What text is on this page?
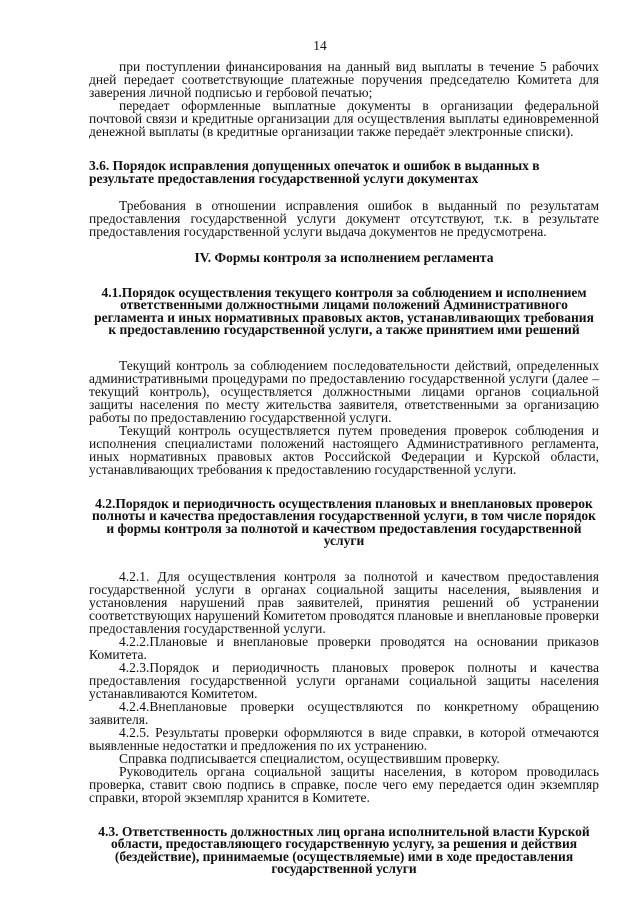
14

при поступлении финансирования на данный вид выплаты в течение 5 рабочих дней передает соответствующие платежные поручения председателю Комитета для заверения личной подписью и гербовой печатью;

передает оформленные выплатные документы в организации федеральной почтовой связи и кредитные организации для осуществления выплаты единовременной денежной выплаты (в кредитные организации также передаёт электронные списки).

3.6. Порядок исправления допущенных опечаток и ошибок в выданных в результате предоставления государственной услуги документах

Требования в отношении исправления ошибок в выданный по результатам предоставления государственной услуги документ отсутствуют, т.к. в результате предоставления государственной услуги выдача документов не предусмотрена.

IV. Формы контроля за исполнением регламента

4.1.Порядок осуществления текущего контроля за соблюдением и исполнением ответственными должностными лицами положений Административного регламента и иных нормативных правовых актов, устанавливающих требования к предоставлению государственной услуги, а также принятием ими решений

Текущий контроль за соблюдением последовательности действий, определенных административными процедурами по предоставлению государственной услуги (далее – текущий контроль), осуществляется должностными лицами органов социальной защиты населения по месту жительства заявителя, ответственными за организацию работы по предоставлению государственной услуги.

Текущий контроль осуществляется путем проведения проверок соблюдения и исполнения специалистами положений настоящего Административного регламента, иных нормативных правовых актов Российской Федерации и Курской области, устанавливающих требования к предоставлению государственной услуги.

4.2.Порядок и периодичность осуществления плановых и внеплановых проверок полноты и качества предоставления государственной услуги, в том числе порядок и формы контроля за полнотой и качеством предоставления государственной услуги

4.2.1. Для осуществления контроля за полнотой и качеством предоставления государственной услуги в органах социальной защиты населения, выявления и установления нарушений прав заявителей, принятия решений об устранении соответствующих нарушений Комитетом проводятся плановые и внеплановые проверки предоставления государственной услуги.

4.2.2.Плановые и внеплановые проверки проводятся на основании приказов Комитета.

4.2.3.Порядок и периодичность плановых проверок полноты и качества предоставления государственной услуги органами социальной защиты населения устанавливаются Комитетом.

4.2.4.Внеплановые проверки осуществляются по конкретному обращению заявителя.

4.2.5. Результаты проверки оформляются в виде справки, в которой отмечаются выявленные недостатки и предложения по их устранению.

Справка подписывается специалистом, осуществившим проверку.

Руководитель органа социальной защиты населения, в котором проводилась проверка, ставит свою подпись в справке, после чего ему передается один экземпляр справки, второй экземпляр хранится в Комитете.

4.3. Ответственность должностных лиц органа исполнительной власти Курской области, предоставляющего государственную услугу, за решения и действия (бездействие), принимаемые (осуществляемые) ими в ходе предоставления государственной услуги
